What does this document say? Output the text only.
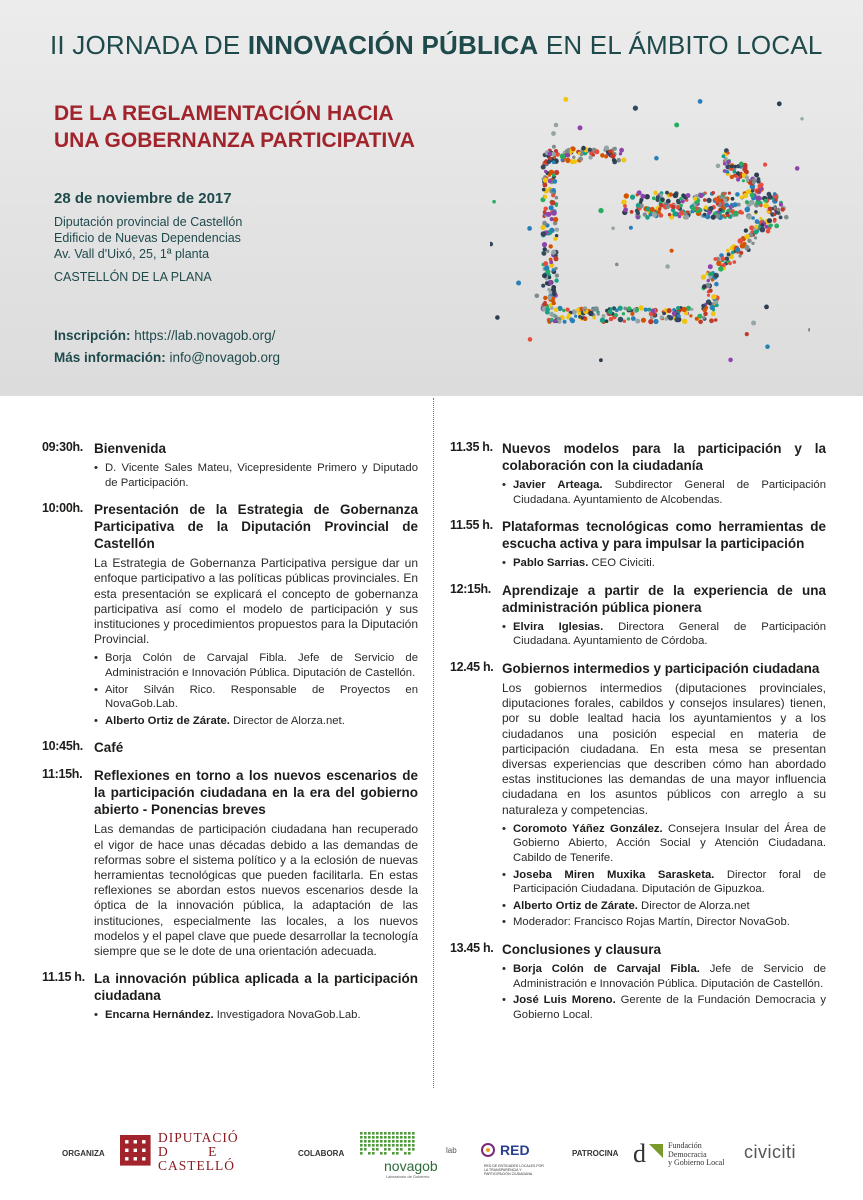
II JORNADA DE INNOVACIÓN PÚBLICA EN EL ÁMBITO LOCAL
DE LA REGLAMENTACIÓN HACIA
UNA GOBERNANZA PARTICIPATIVA
28 de noviembre de 2017
Diputación provincial de Castellón
Edificio de Nuevas Dependencias
Av. Vall d'Uixó, 25, 1ª planta
CASTELLÓN DE LA PLANA
Inscripción: https://lab.novagob.org/
Más información: info@novagob.org
09:30h. Bienvenida
• D. Vicente Sales Mateu, Vicepresidente Primero y Diputado de Participación.
10:00h. Presentación de la Estrategia de Gobernanza Participativa de la Diputación Provincial de Castellón
La Estrategia de Gobernanza Participativa persigue dar un enfoque participativo a las políticas públicas provinciales. En esta presentación se explicará el concepto de gobernanza participativa así como el modelo de participación y sus instituciones y procedimientos propuestos para la Diputación Provincial.
• Borja Colón de Carvajal Fibla. Jefe de Servicio de Administración e Innovación Pública. Diputación de Castellón.
• Aitor Silván Rico. Responsable de Proyectos en NovaGob.Lab.
• Alberto Ortiz de Zárate. Director de Alorza.net.
10:45h. Café
11:15h. Reflexiones en torno a los nuevos escenarios de la participación ciudadana en la era del gobierno abierto - Ponencias breves
Las demandas de participación ciudadana han recuperado el vigor de hace unas décadas debido a las demandas de reformas sobre el sistema político y a la eclosión de nuevas herramientas tecnológicas que pueden facilitarla. En estas reflexiones se abordan estos nuevos escenarios desde la óptica de la innovación pública, la adaptación de las instituciones, especialmente las locales, a los nuevos modelos y el papel clave que puede desarrollar la tecnología siempre que se le dote de una orientación adecuada.
11.15 h. La innovación pública aplicada a la participación ciudadana
• Encarna Hernández. Investigadora NovaGob.Lab.
11.35 h. Nuevos modelos para la participación y la colaboración con la ciudadanía
• Javier Arteaga. Subdirector General de Participación Ciudadana. Ayuntamiento de Alcobendas.
11.55 h. Plataformas tecnológicas como herramientas de escucha activa y para impulsar la participación
• Pablo Sarrias. CEO Civiciti.
12:15h. Aprendizaje a partir de la experiencia de una administración pública pionera
• Elvira Iglesias. Directora General de Participación Ciudadana. Ayuntamiento de Córdoba.
12.45 h. Gobiernos intermedios y participación ciudadana
Los gobiernos intermedios (diputaciones provinciales, diputaciones forales, cabildos y consejos insulares) tienen, por su doble lealtad hacia los ayuntamientos y a los ciudadanos una posición especial en materia de participación ciudadana. En esta mesa se presentan diversas experiencias que describen cómo han abordado estas instituciones las demandas de una mayor influencia ciudadana en los asuntos públicos con arreglo a su naturaleza y competencias.
• Coromoto Yáñez González. Consejera Insular del Área de Gobierno Abierto, Acción Social y Atención Ciudadana. Cabildo de Tenerife.
• Joseba Miren Muxika Sarasketa. Director foral de Participación Ciudadana. Diputación de Gipuzkoa.
• Alberto Ortiz de Zárate. Director de Alorza.net
• Moderador: Francisco Rojas Martín, Director NovaGob.
13.45 h. Conclusiones y clausura
• Borja Colón de Carvajal Fibla. Jefe de Servicio de Administración e Innovación Pública. Diputación de Castellón.
• José Luis Moreno. Gerente de la Fundación Democracia y Gobierno Local.
ORGANIZA
DIPUTACIÓ
D         E
CASTELLÓ
COLABORA
novagob
lab
Laboratorio de Gobierno
RED
RED DE ENTIDADES LOCALES POR LA TRANSPARENCIA Y PARTICIPACIÓN CIUDADANA
PATROCINA d	Fundación
Democracia
y Gobierno Local
civiciti
